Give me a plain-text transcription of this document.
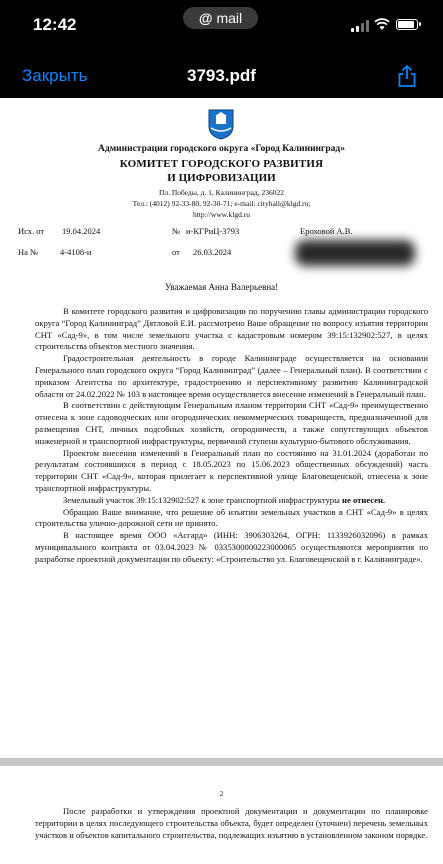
12:42	@ mail
Закрыть	3793.pdf
Администрация городского округа «Город Калининград»
КОМИТЕТ ГОРОДСКОГО РАЗВИТИЯ
И ЦИФРОВИЗАЦИИ
Пл. Победы, д. 1, Калининград, 236022
Тел.: (4012) 92-33-80, 92-30-71; e-mail: cityhall@klgd.ru;
http://www.klgd.ru
Исх. от 19.04.2024	№ и-КГРиЦ-3793	Ероховой А.В.
На №	4-4108-и	от 26.03.2024
Уважаемая Анна Валерьевна!

В комитете городского развития и цифровизации по поручению главы администрации городского округа “Город Калининград” Дятловой Е.И. рассмотрено Ваше обращение по вопросу изъятия территории СНТ «Сад-9», в том числе земельного участка с кадастровым номером 39:15:132902:527, в целях строительства объектов местного значения.

Градостроительная деятельность в городе Калининграде осуществляется на основании Генерального план городского округа “Город Калининград” (далее – Генеральный план). В соответствии с приказом Агентства по архитектуре, градостроению и перспективному развитию Калининградской области от 24.02.2022 № 103 в настоящее время осуществляется внесение изменений в Генеральный план.

В соответствии с действующим Генеральным планом территория СНТ «Сад-9» преимущественно отнесена к зоне садоводческих или огороднических некоммерческих товариществ, предназначенной для размещения СНТ, личных подсобных хозяйств, огородничеств, а также сопутствующих объектов инженерной и транспортной инфраструктуры, первичной ступени культурно-бытового обслуживания.

Проектом внесения изменений в Генеральный план по состоянию на 31.01.2024 (доработан по результатам состоявшихся в период с 18.05.2023 по 15.06.2023 общественных обсуждений) часть территории СНТ «Сад-9», которая прилегает к перспективной улице Благовещенской, отнесена к зоне транспортной инфраструктуры.

Земельный участок 39:15:132902:527 к зоне транспортной инфраструктуры не отнесен.

Обращаю Ваше внимание, что решение об изъятии земельных участков в СНТ «Сад-9» в целях строительства улично-дорожной сети не принято.

В настоящее время ООО «Асгард» (ИНН: 3906303264, ОГРН: 1133926032096) в рамках муниципального контракта от 03.04.2023 № 0335300000223000065 осуществляются мероприятия по разработке проектной документации по объекту: «Строительство ул. Благовещенской в г. Калининграде».

2

После разработки и утверждения проектной документации и документации по планировке территории в целях последующего строительства объекта, будет определен (уточнен) перечень земельных участков и объектов капитального строительства, подлежащих изъятию в установленном законом порядке.
